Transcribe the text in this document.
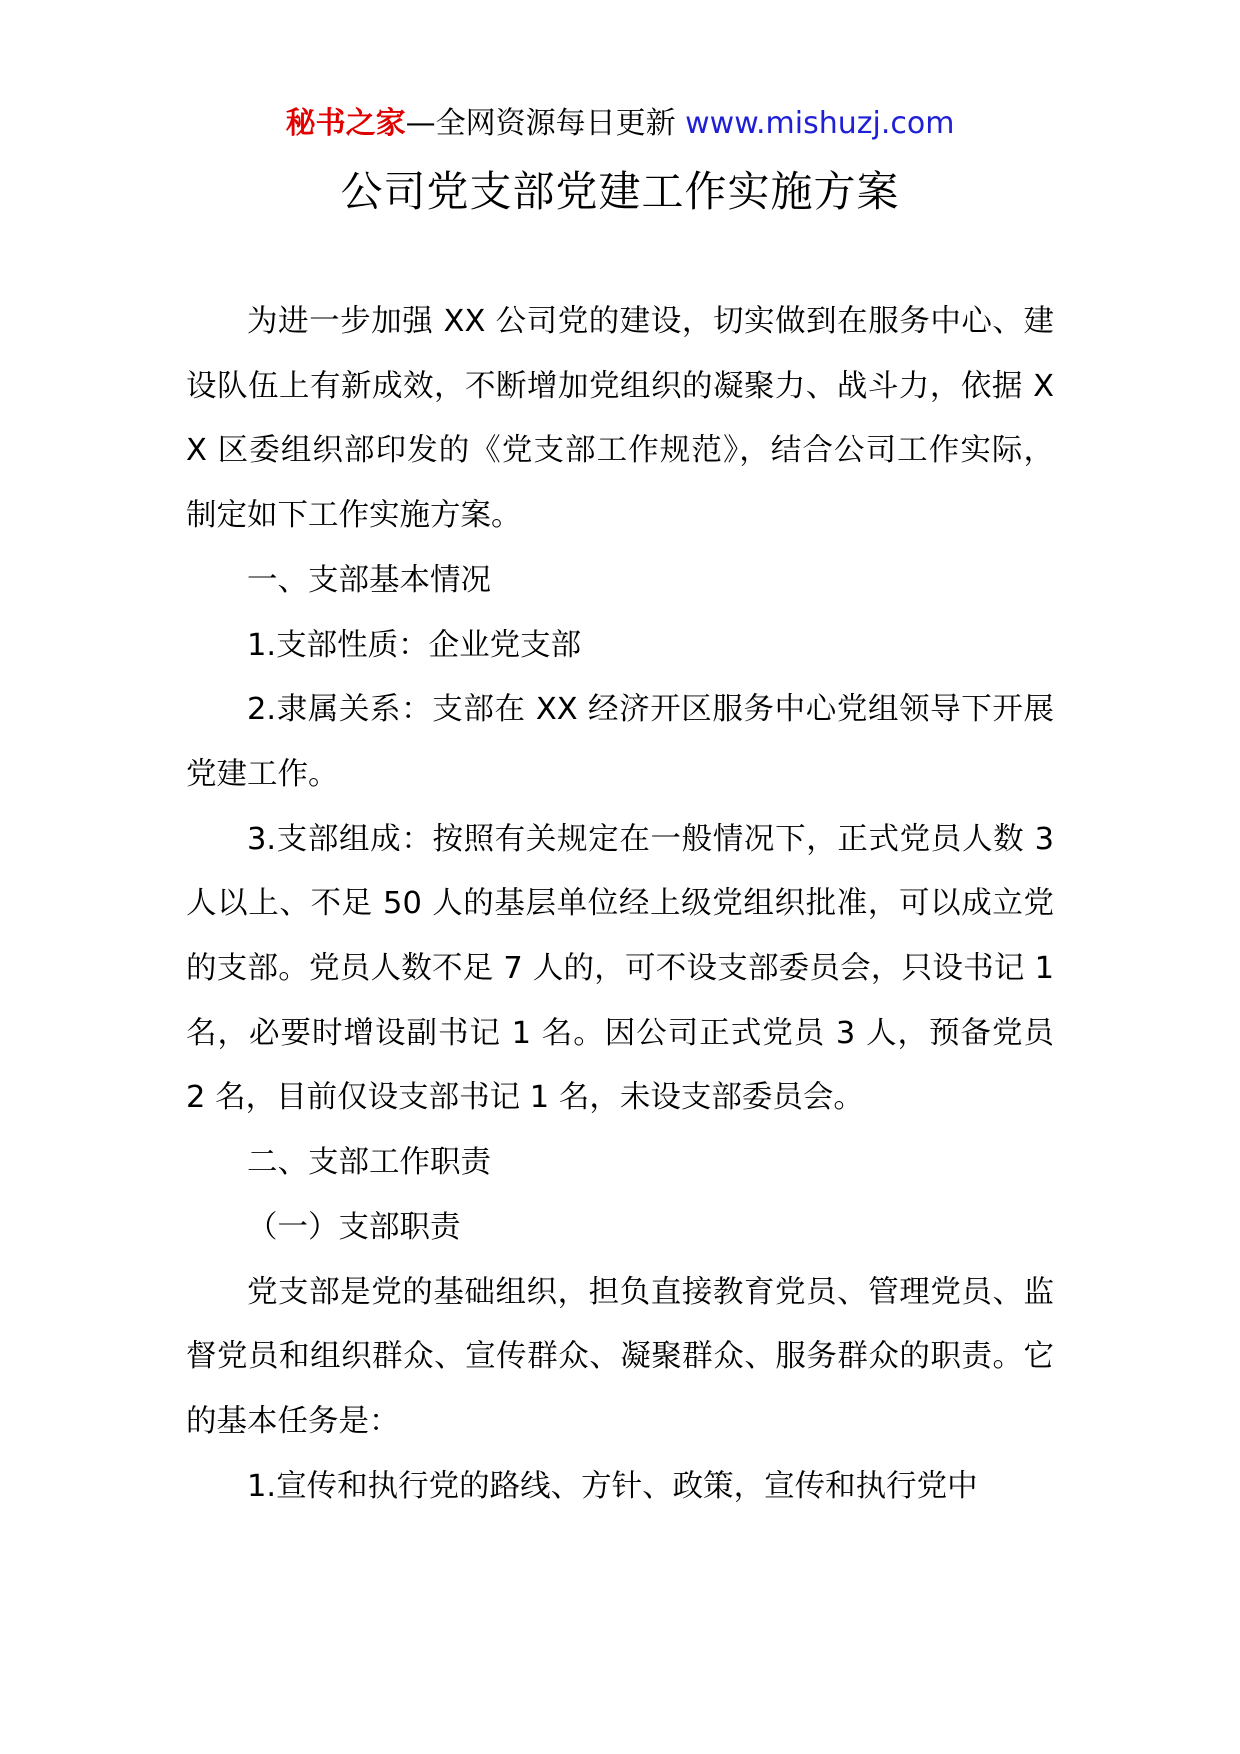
秘书之家—全网资源每日更新 www.mishuzj.com
公司党支部党建工作实施方案

为进一步加强 XX 公司党的建设，切实做到在服务中心、建设队伍上有新成效，不断增加党组织的凝聚力、战斗力，依据 XX 区委组织部印发的《党支部工作规范》，结合公司工作实际，制定如下工作实施方案。

一、支部基本情况

1.支部性质：企业党支部

2.隶属关系：支部在 XX 经济开区服务中心党组领导下开展党建工作。

3.支部组成：按照有关规定在一般情况下，正式党员人数 3 人以上、不足 50 人的基层单位经上级党组织批准，可以成立党的支部。党员人数不足 7 人的，可不设支部委员会，只设书记 1 名，必要时增设副书记 1 名。因公司正式党员 3 人，预备党员 2 名，目前仅设支部书记 1 名，未设支部委员会。

二、支部工作职责

（一）支部职责

党支部是党的基础组织，担负直接教育党员、管理党员、监督党员和组织群众、宣传群众、凝聚群众、服务群众的职责。它的基本任务是：

1.宣传和执行党的路线、方针、政策，宣传和执行党中
